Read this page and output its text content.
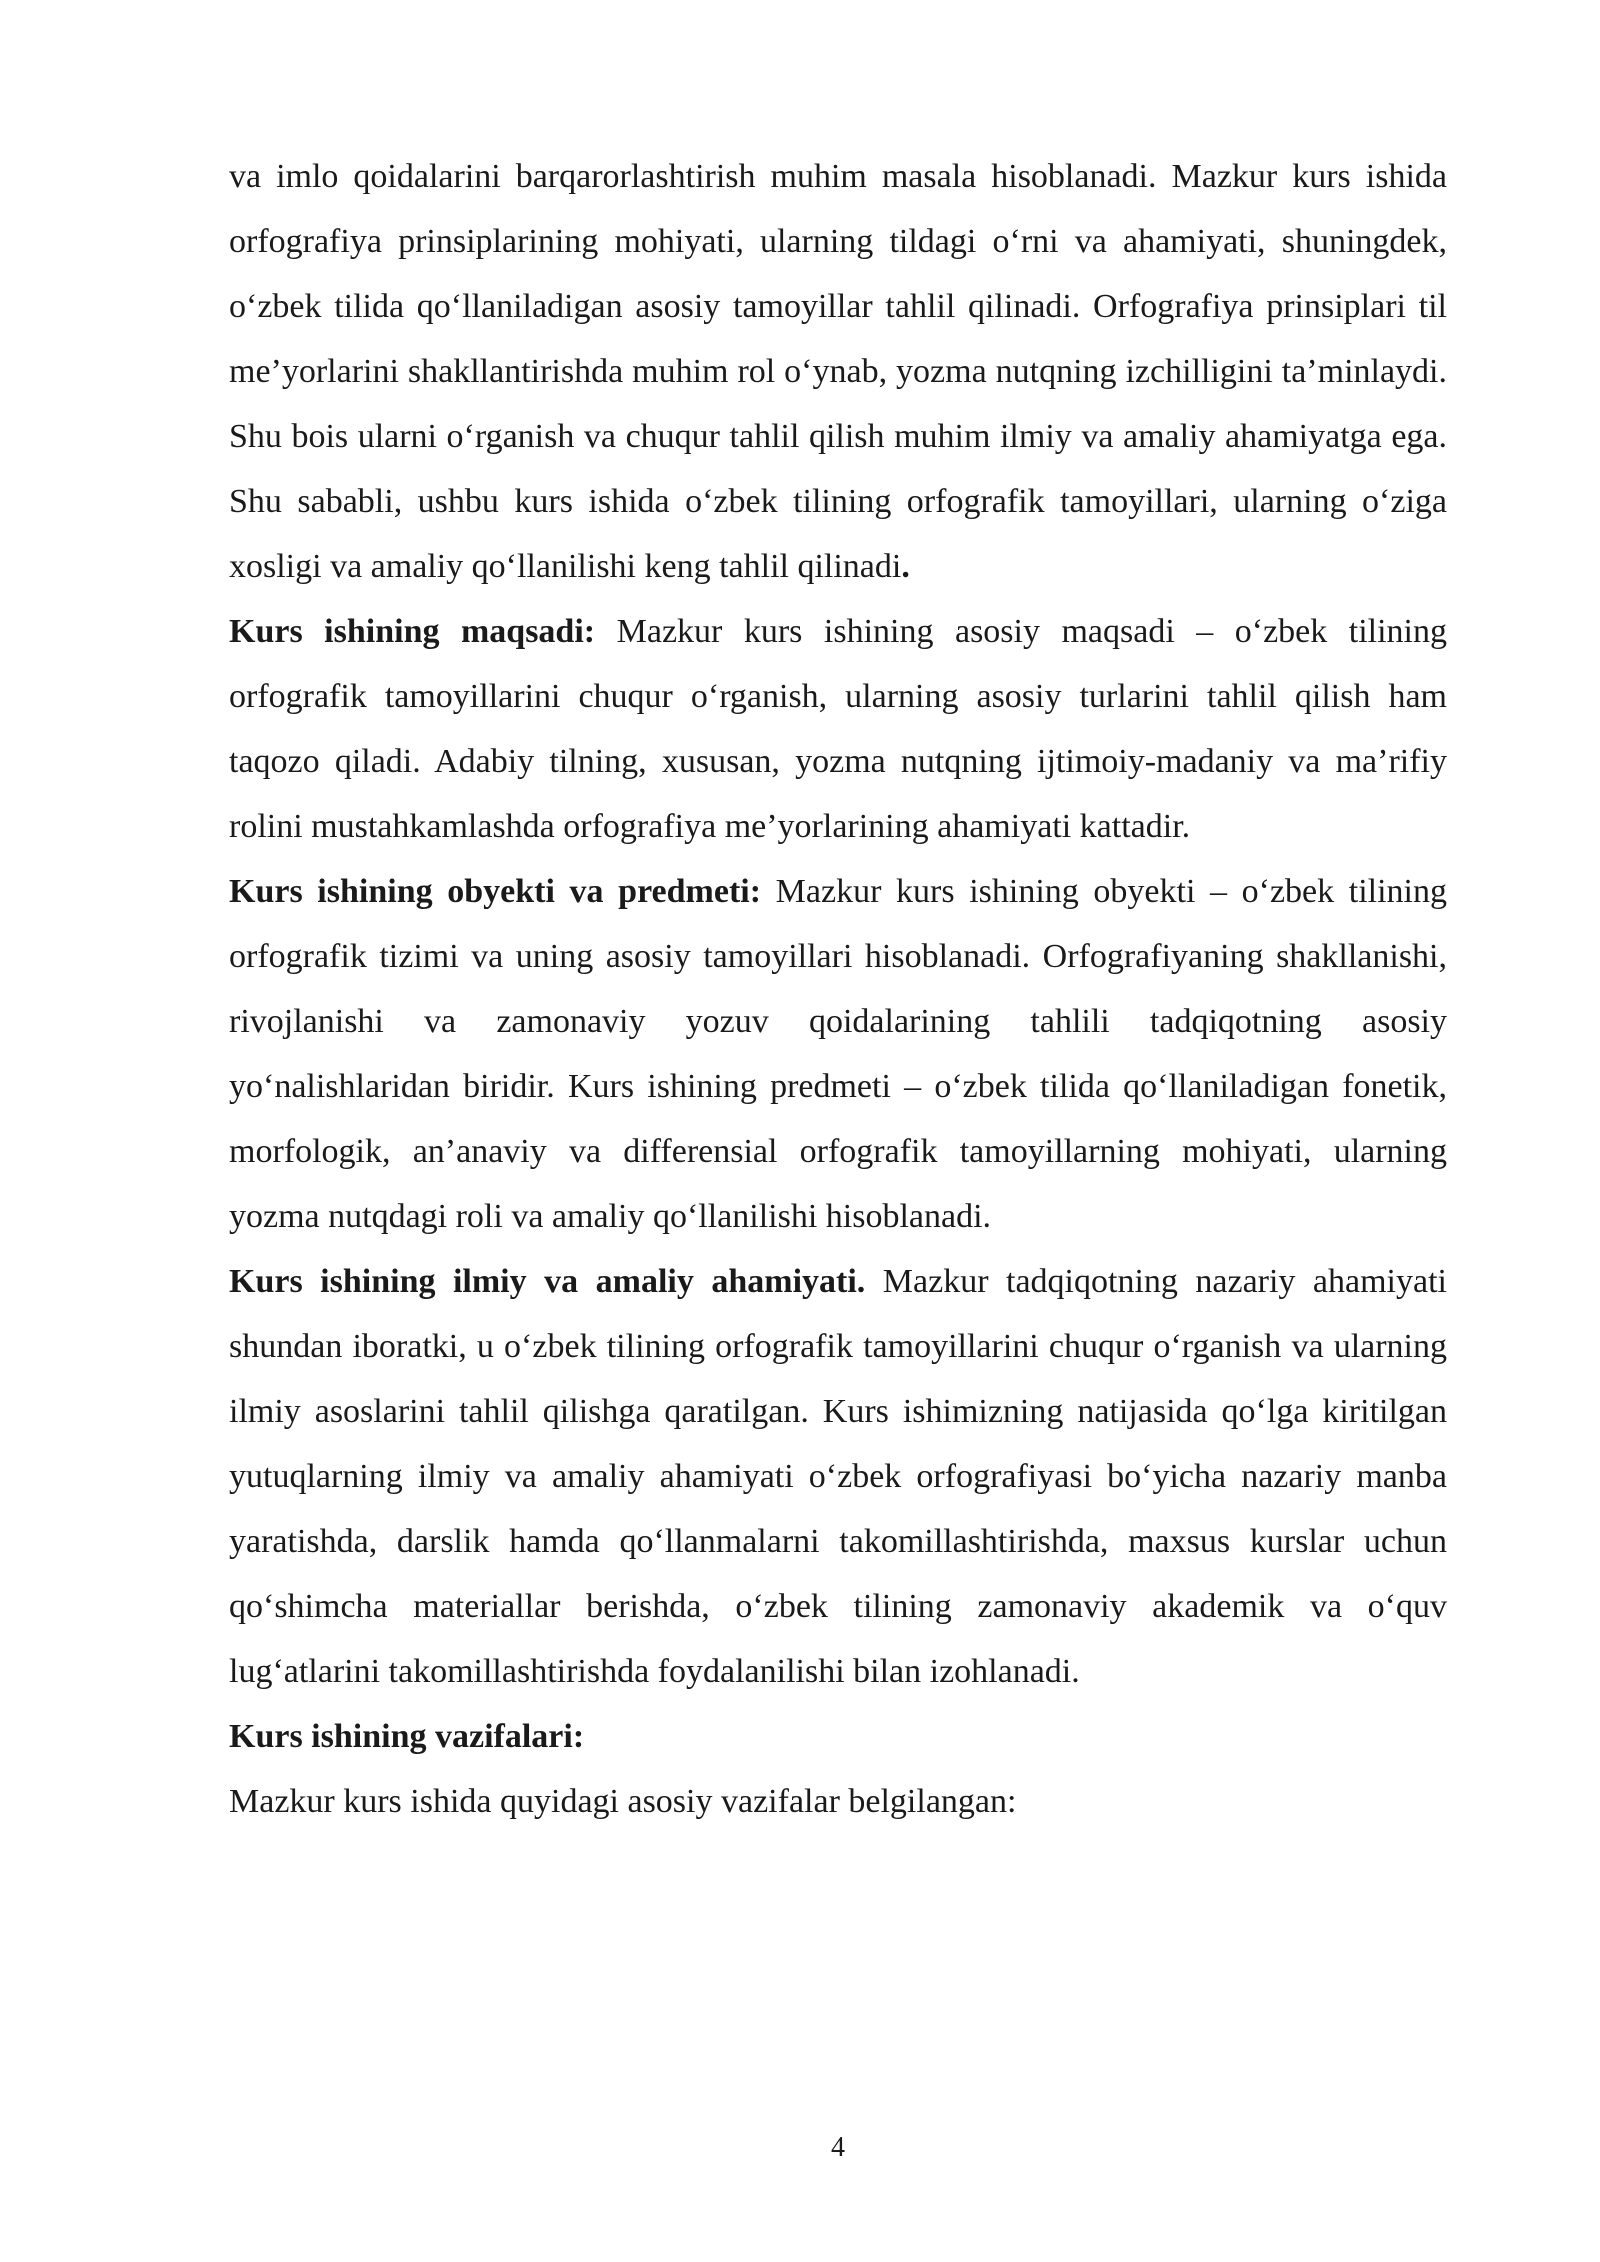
va imlo qoidalarini barqarorlashtirish muhim masala hisoblanadi. Mazkur kurs ishida orfografiya prinsiplarining mohiyati, ularning tildagi o‘rni va ahamiyati, shuningdek, o‘zbek tilida qo‘llaniladigan asosiy tamoyillar tahlil qilinadi. Orfografiya prinsiplari til me’yorlarini shakllantirishda muhim rol o‘ynab, yozma nutqning izchilligini ta’minlaydi. Shu bois ularni o‘rganish va chuqur tahlil qilish muhim ilmiy va amaliy ahamiyatga ega. Shu sababli, ushbu kurs ishida o‘zbek tilining orfografik tamoyillari, ularning o‘ziga xosligi va amaliy qo‘llanilishi keng tahlil qilinadi.

Kurs ishining maqsadi: Mazkur kurs ishining asosiy maqsadi – o‘zbek tilining orfografik tamoyillarini chuqur o‘rganish, ularning asosiy turlarini tahlil qilish ham taqozo qiladi. Adabiy tilning, xususan, yozma nutqning ijtimoiy-madaniy va ma’rifiy rolini mustahkamlashda orfografiya me’yorlarining ahamiyati kattadir.

Kurs ishining obyekti va predmeti: Mazkur kurs ishining obyekti – o‘zbek tilining orfografik tizimi va uning asosiy tamoyillari hisoblanadi. Orfografiyaning shakllanishi, rivojlanishi va zamonaviy yozuv qoidalarining tahlili tadqiqotning asosiy yo‘nalishlaridan biridir. Kurs ishining predmeti – o‘zbek tilida qo‘llaniladigan fonetik, morfologik, an’anaviy va differensial orfografik tamoyillarning mohiyati, ularning yozma nutqdagi roli va amaliy qo‘llanilishi hisoblanadi.

Kurs ishining ilmiy va amaliy ahamiyati. Mazkur tadqiqotning nazariy ahamiyati shundan iboratki, u o‘zbek tilining orfografik tamoyillarini chuqur o‘rganish va ularning ilmiy asoslarini tahlil qilishga qaratilgan. Kurs ishimizning natijasida qo‘lga kiritilgan yutuqlarning ilmiy va amaliy ahamiyati o‘zbek orfografiyasi bo‘yicha nazariy manba yaratishda, darslik hamda qo‘llanmalarni takomillashtirishda, maxsus kurslar uchun qo‘shimcha materiallar berishda, o‘zbek tilining zamonaviy akademik va o‘quv lug‘atlarini takomillashtirishda foydalanilishi bilan izohlanadi.

Kurs ishining vazifalari:

Mazkur kurs ishida quyidagi asosiy vazifalar belgilangan:

4
